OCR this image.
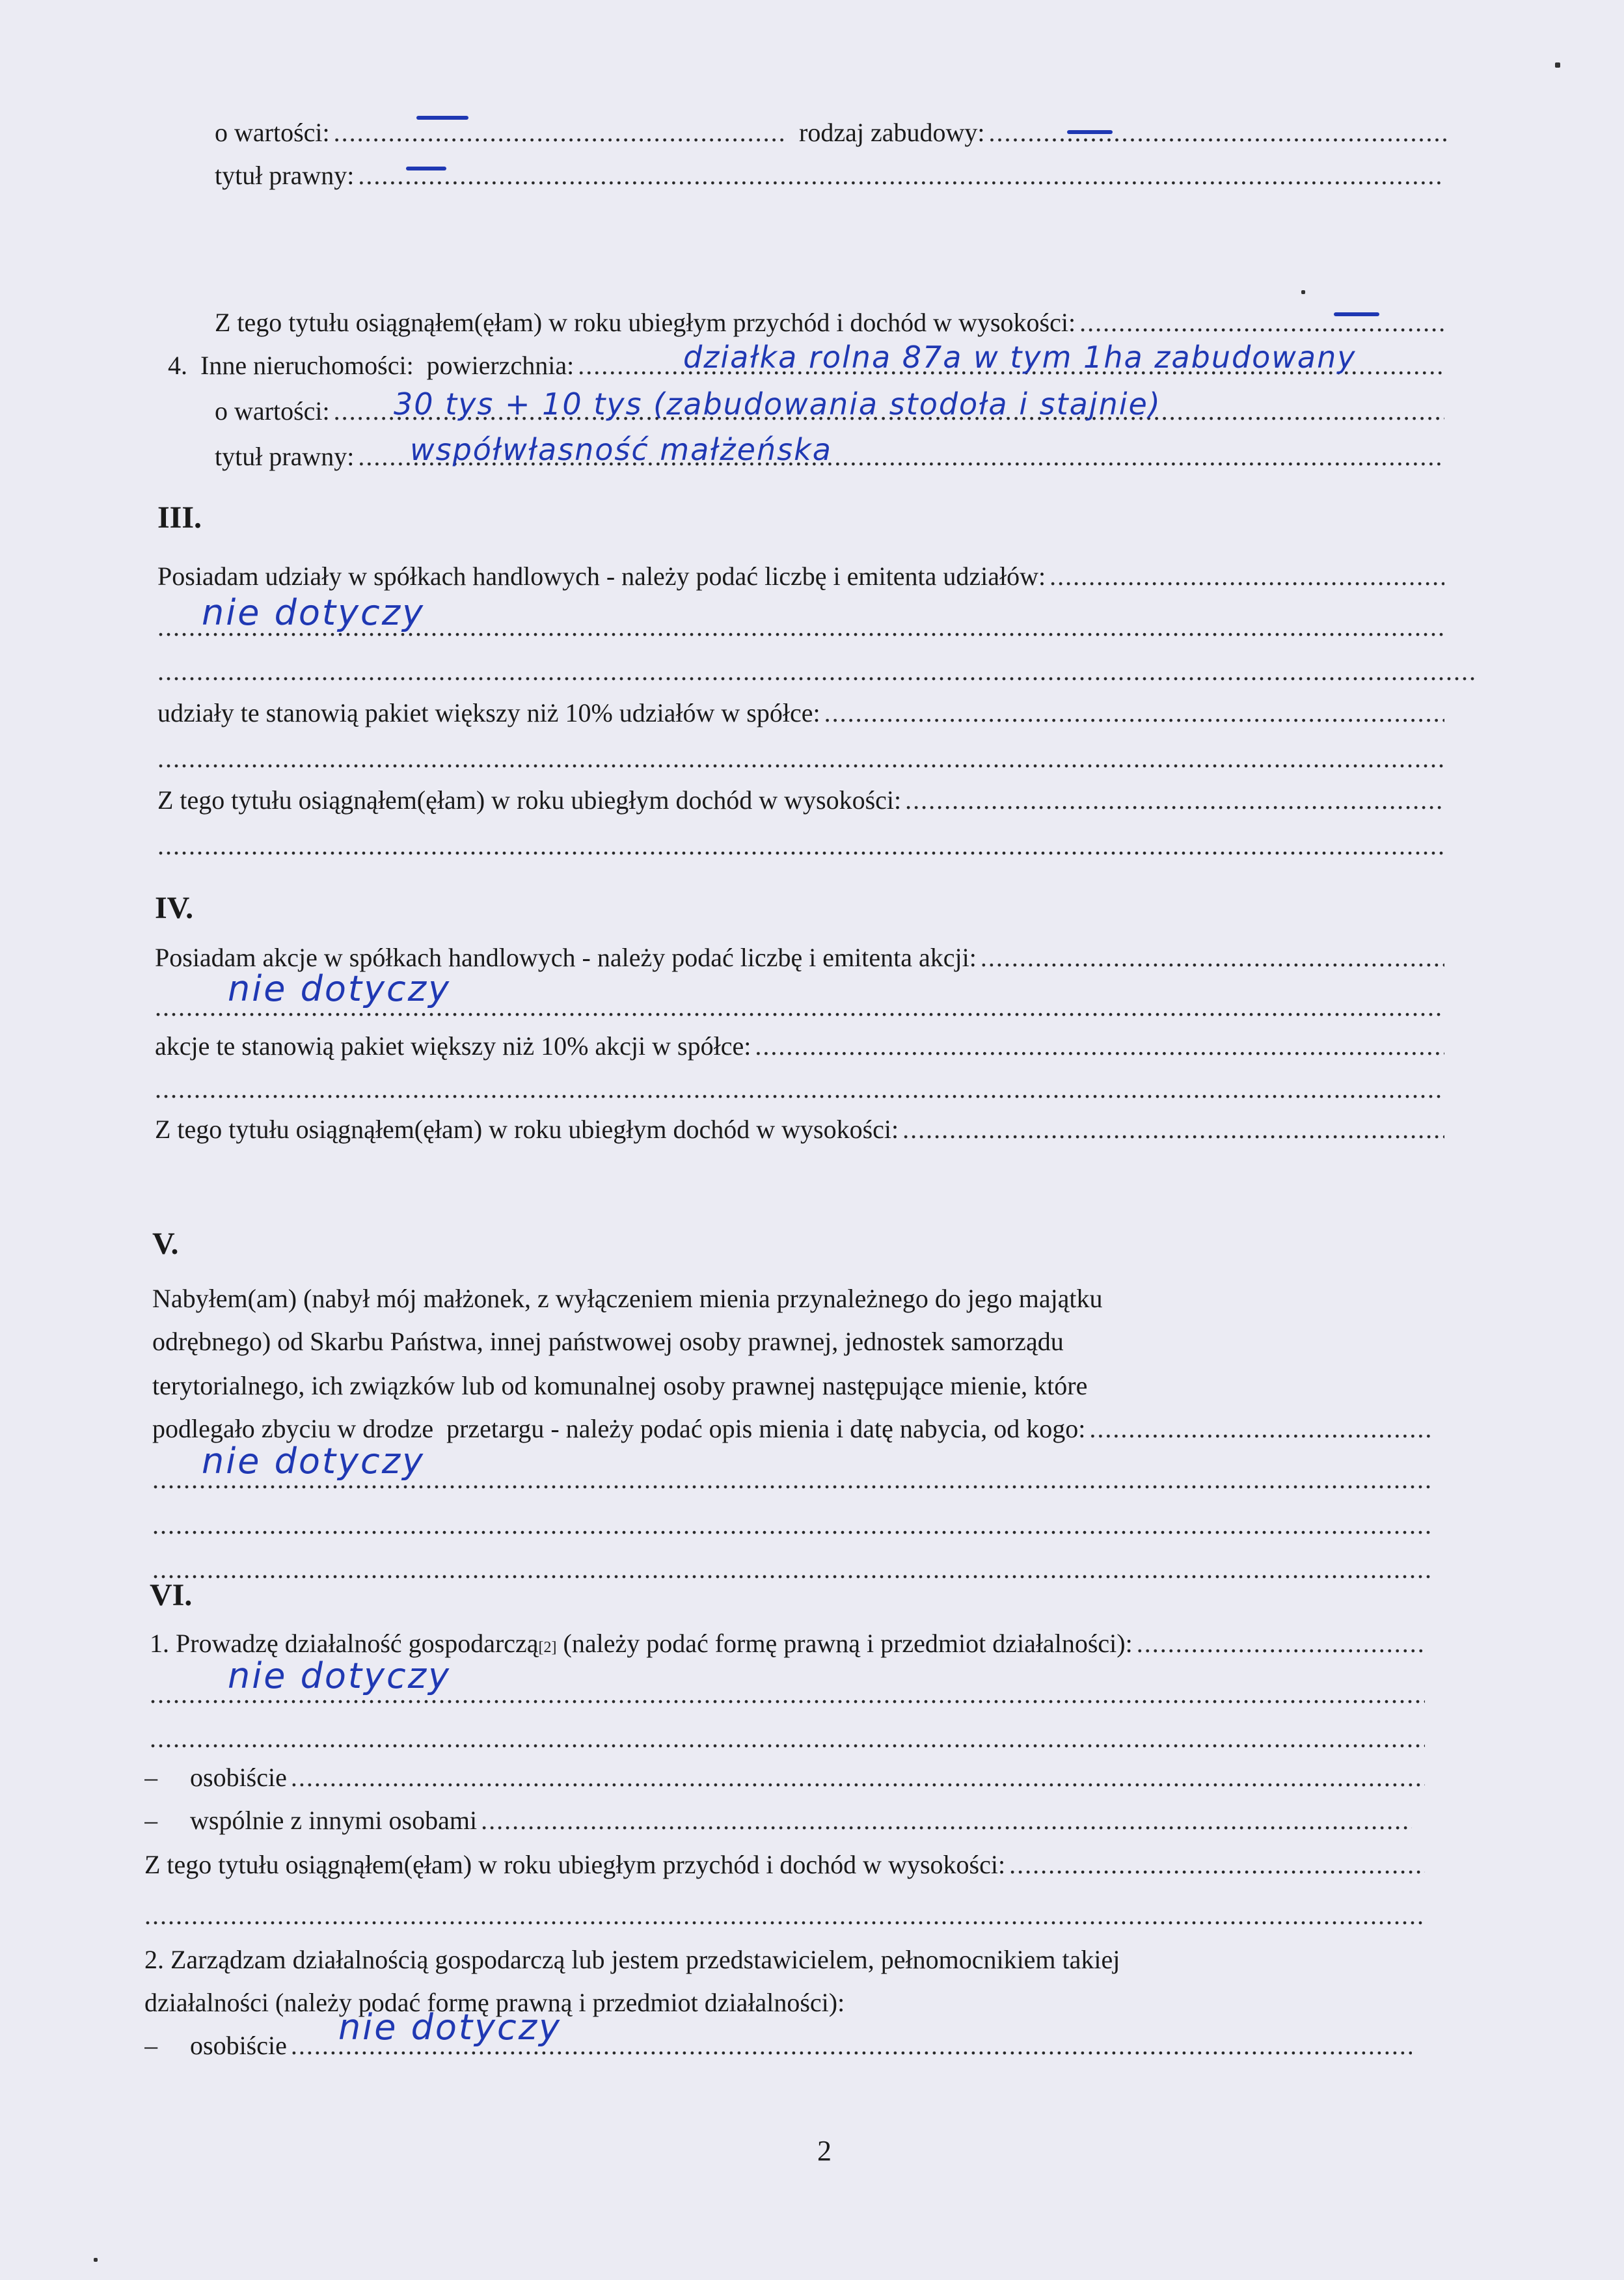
o wartości: .....	rodzaj zabudowy:
.....
tytuł prawny:
.....
Z tego tytułu osiągnąłem(ęłam) w roku ubiegłym przychód i dochód w wysokości:
.....
4.  Inne nieruchomości:  powierzchnia: .....	działka rolna 87a w tym 1ha zabudowany
o wartości: ..... 30 tys + 10 tys (zabudowania stodoła i stajnie)
tytuł prawny: ..... współwłasność małżeńska
III.
Posiadam udziały w spółkach handlowych - należy podać liczbę i emitenta udziałów:
.....
.....
nie dotyczy
.....
udziały te stanowią pakiet większy niż 10% udziałów w spółce:
.....
.....
Z tego tytułu osiągnąłem(ęłam) w roku ubiegłym dochód w wysokości:
.....
.....
IV.
Posiadam akcje w spółkach handlowych - należy podać liczbę i emitenta akcji:
.....
.....
nie dotyczy
akcje te stanowią pakiet większy niż 10% akcji w spółce:
.....
.....
Z tego tytułu osiągnąłem(ęłam) w roku ubiegłym dochód w wysokości:
.....
V.
Nabyłem(am) (nabył mój małżonek, z wyłączeniem mienia przynależnego do jego majątku
odrębnego) od Skarbu Państwa, innej państwowej osoby prawnej, jednostek samorządu
terytorialnego, ich związków lub od komunalnej osoby prawnej następujące mienie, które
podlegało zbyciu w drodze  przetargu - należy podać opis mienia i datę nabycia, od kogo:
.....
.....
nie dotyczy
.....
.....
VI.
1. Prowadzę działalność gospodarczą [2] (należy podać formę prawną i przedmiot działalności):
.....
.....
nie dotyczy
.....
– osobiście
.....
– wspólnie z innymi osobami
.....
Z tego tytułu osiągnąłem(ęłam) w roku ubiegłym przychód i dochód w wysokości:
.....
.....
2. Zarządzam działalnością gospodarczą lub jestem przedstawicielem, pełnomocnikiem takiej
działalności (należy podać formę prawną i przedmiot działalności):
– osobiście ..... nie dotyczy
2
